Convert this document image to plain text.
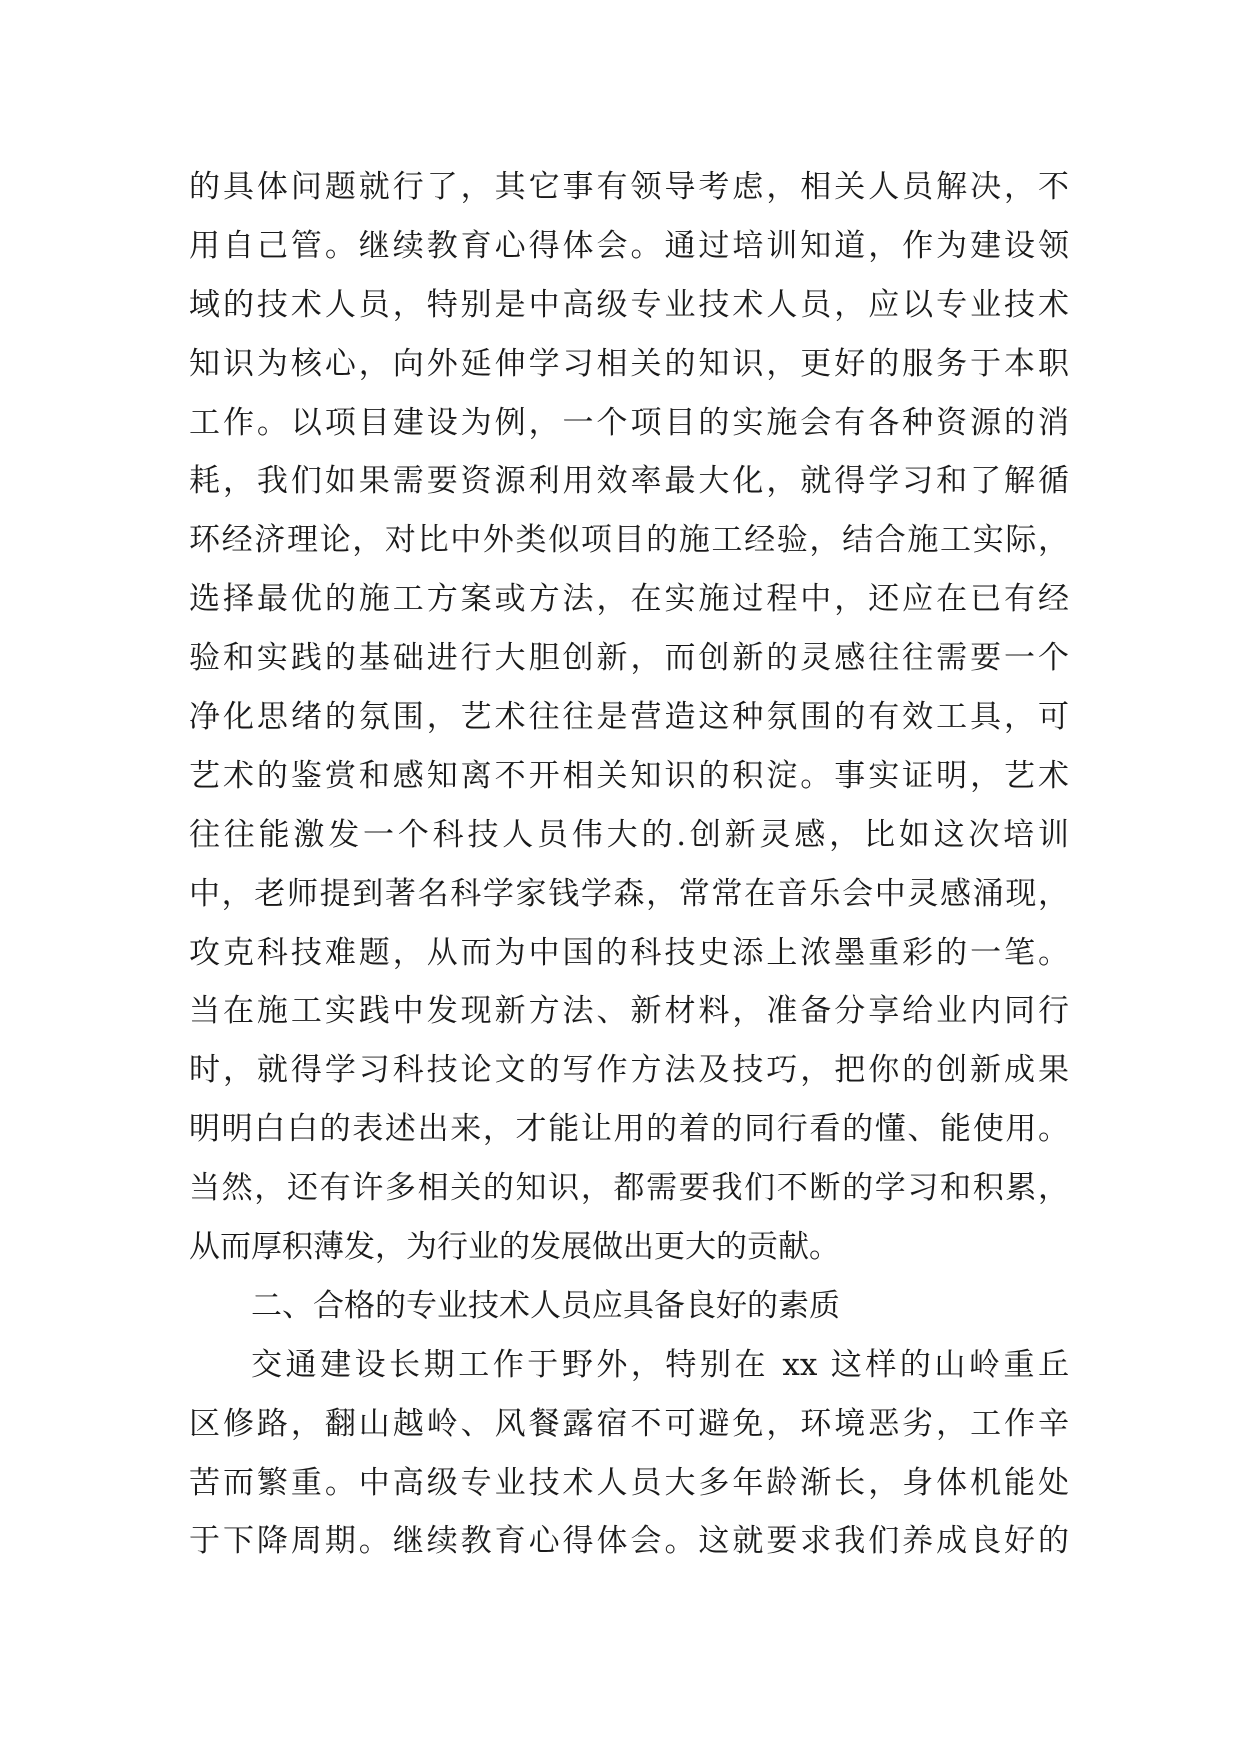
的具体问题就行了，其它事有领导考虑，相关人员解决，不
用自己管。继续教育心得体会。通过培训知道，作为建设领
域的技术人员，特别是中高级专业技术人员，应以专业技术
知识为核心，向外延伸学习相关的知识，更好的服务于本职
工作。以项目建设为例，一个项目的实施会有各种资源的消
耗，我们如果需要资源利用效率最大化，就得学习和了解循
环经济理论，对比中外类似项目的施工经验，结合施工实际，
选择最优的施工方案或方法，在实施过程中，还应在已有经
验和实践的基础进行大胆创新，而创新的灵感往往需要一个
净化思绪的氛围，艺术往往是营造这种氛围的有效工具，可
艺术的鉴赏和感知离不开相关知识的积淀。事实证明，艺术
往往能激发一个科技人员伟大的.创新灵感，比如这次培训
中，老师提到著名科学家钱学森，常常在音乐会中灵感涌现，
攻克科技难题，从而为中国的科技史添上浓墨重彩的一笔。
当在施工实践中发现新方法、新材料，准备分享给业内同行
时，就得学习科技论文的写作方法及技巧，把你的创新成果
明明白白的表述出来，才能让用的着的同行看的懂、能使用。
当然，还有许多相关的知识，都需要我们不断的学习和积累，
从而厚积薄发，为行业的发展做出更大的贡献。
二、合格的专业技术人员应具备良好的素质
交通建设长期工作于野外，特别在 xx 这样的山岭重丘
区修路，翻山越岭、风餐露宿不可避免，环境恶劣，工作辛
苦而繁重。中高级专业技术人员大多年龄渐长，身体机能处
于下降周期。继续教育心得体会。这就要求我们养成良好的
